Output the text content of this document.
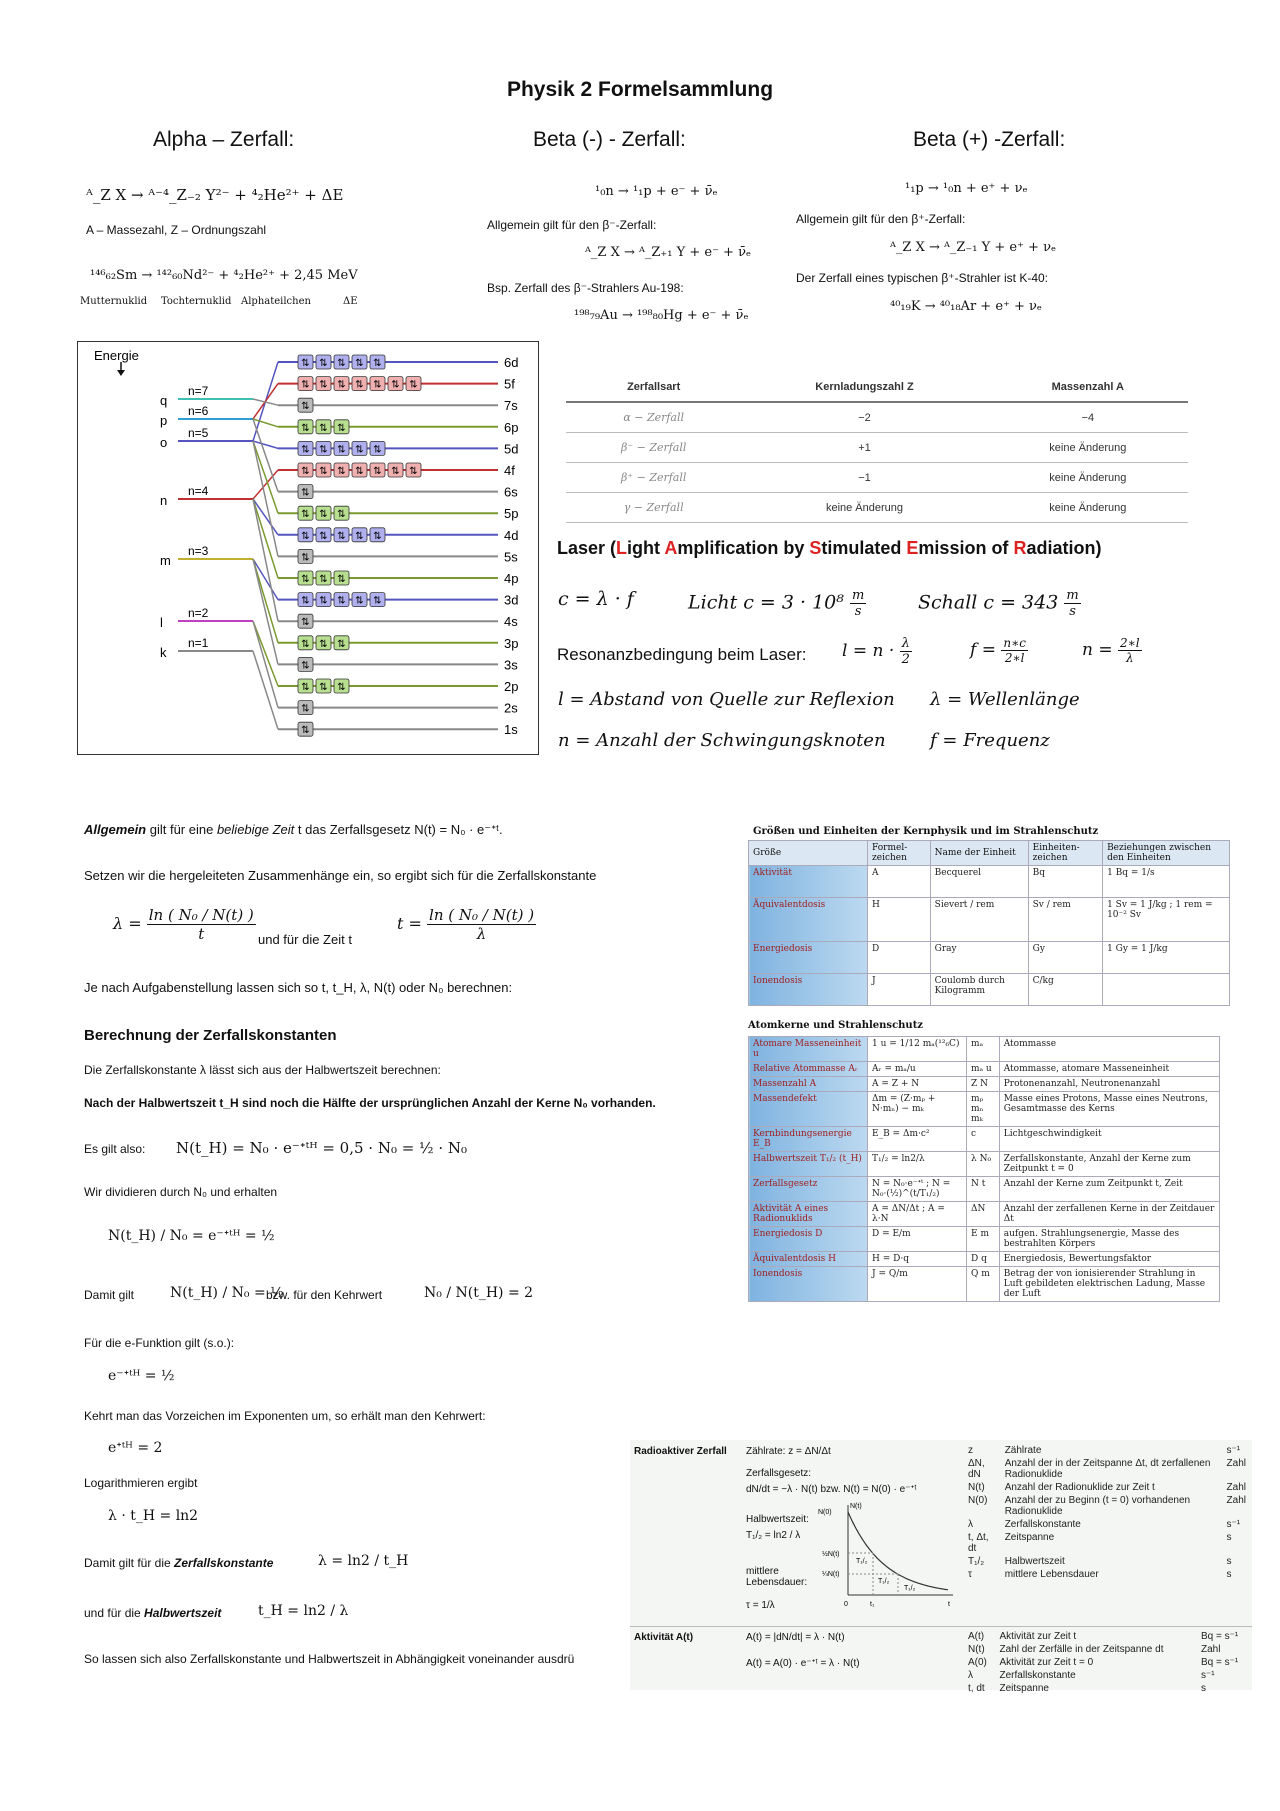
Physik 2 Formelsammlung
Alpha – Zerfall:
ᴬ_Z X → ᴬ⁻⁴_Z₋₂ Y²⁻ + ⁴₂He²⁺ + ΔE
A – Massezahl, Z – Ordnungszahl
¹⁴⁶₆₂Sm → ¹⁴²₆₀Nd²⁻ + ⁴₂He²⁺ + 2,45 MeV
Mutternuklid Tochternuklid Alphateilchen	ΔE
Beta (-) - Zerfall:
¹₀n → ¹₁p + e⁻ + ν̄ₑ
Allgemein gilt für den β⁻-Zerfall:
ᴬ_Z X → ᴬ_Z₊₁ Y + e⁻ + ν̄ₑ
Bsp. Zerfall des β⁻-Strahlers Au-198:
¹⁹⁸₇₉Au → ¹⁹⁸₈₀Hg + e⁻ + ν̄ₑ
Beta (+) -Zerfall:
¹₁p → ¹₀n + e⁺ + νₑ
Allgemein gilt für den β⁺-Zerfall:
ᴬ_Z X → ᴬ_Z₋₁ Y + e⁺ + νₑ
Der Zerfall eines typischen β⁺-Strahler ist K-40:
⁴⁰₁₉K → ⁴⁰₁₈Ar + e⁺ + νₑ
Energie
q
n=7
p
n=6
o
n=5
n
n=4
m
n=3
l
n=2
k
n=1
⇅ ⇅ ⇅ ⇅ ⇅	6d
⇅ ⇅ ⇅ ⇅ ⇅ ⇅ ⇅	5f
⇅	7s
⇅ ⇅ ⇅	6p
⇅ ⇅ ⇅ ⇅ ⇅	5d
⇅ ⇅ ⇅ ⇅ ⇅ ⇅ ⇅	4f
⇅	6s
⇅ ⇅ ⇅	5p
⇅ ⇅ ⇅ ⇅ ⇅	4d
⇅	5s
⇅ ⇅ ⇅	4p
⇅ ⇅ ⇅ ⇅ ⇅	3d
⇅	4s
⇅ ⇅ ⇅	3p
⇅	3s
⇅ ⇅ ⇅	2p
⇅	2s
⇅	1s
Zerfallsart	Kernladungszahl Z	Massenzahl A
α − Zerfall	−2	−4
β⁻ − Zerfall	+1	keine Änderung
β⁺ − Zerfall	−1	keine Änderung
γ − Zerfall	keine Änderung	keine Änderung
Laser (Light Amplification by Stimulated Emission of Radiation)
c = λ · f	Licht $c = 3 \cdot 10^8 \frac{m}{s}$	Schall $c = 343 \frac{m}{s}$
Resonanzbedingung beim Laser: $l = n \cdot \frac{\lambda}{2}$	$f = \frac{n∗c}{2∗l}$	$n = \frac{2∗l}{\lambda}$
l = Abstand von Quelle zur Reflexion λ = Wellenlänge
n = Anzahl der Schwingungsknoten f = Frequenz
Allgemein gilt für eine beliebige Zeit t das Zerfallsgesetz N(t) = N₀ · e⁻ᐩᵗ.
Setzen wir die hergeleiteten Zusammenhänge ein, so ergibt sich für die Zerfallskonstante
$\lambda = \frac{\text{ln ( N₀ / N(t) )}}{t}$ und für die Zeit t
$t = \frac{\text{ln ( N₀ / N(t) )}}{\lambda}$
Je nach Aufgabenstellung lassen sich so t, t_H, λ, N(t) oder N₀ berechnen:
Berechnung der Zerfallskonstanten
Die Zerfallskonstante λ lässt sich aus der Halbwertszeit berechnen:
Nach der Halbwertszeit t_H sind noch die Hälfte der ursprünglichen Anzahl der Kerne N₀ vorhanden.
Es gilt also: N(t_H) = N₀ · e⁻ᐩᵗᴴ = 0,5 · N₀ = ½ · N₀
Wir dividieren durch N₀ und erhalten
N(t_H) / N₀ = e⁻ᐩᵗᴴ = ½
Damit gilt	N(t_H) / N₀ = ½
bzw. für den Kehrwert	N₀ / N(t_H) = 2
Für die e-Funktion gilt (s.o.):
e⁻ᐩᵗᴴ = ½
Kehrt man das Vorzeichen im Exponenten um, so erhält man den Kehrwert:
eᐩᵗᴴ = 2
Logarithmieren ergibt
λ · t_H = ln2
Damit gilt für die Zerfallskonstante	λ = ln2 / t_H
und für die Halbwertszeit	t_H = ln2 / λ
So lassen sich also Zerfallskonstante und Halbwertszeit in Abhängigkeit voneinander ausdrü
Größen und Einheiten der Kernphysik und im Strahlenschutz
Größe	Formel-zeichen	Name der Einheit	Einheiten-zeichen	Beziehungen zwischen den Einheiten
Aktivität	A	Becquerel	Bq	1 Bq = 1/s
Äquivalentdosis	H	Sievert / rem	Sv / rem	1 Sv = 1 J/kg ; 1 rem = 10⁻² Sv
Energiedosis	D	Gray	Gy	1 Gy = 1 J/kg
Ionendosis	J	Coulomb durch Kilogramm	C/kg	
Atomkerne und Strahlenschutz
Atomare Masseneinheit u	1 u = 1/12 mₐ(¹²₆C)	mₐ	Atommasse
Relative Atommasse Aᵣ	Aᵣ = mₐ/u	mₐ u	Atommasse, atomare Masseneinheit
Massenzahl A	A = Z + N	Z N	Protonenanzahl, Neutronenanzahl
Massendefekt	Δm = (Z·mₚ + N·mₙ) − mₖ	mₚ mₙ mₖ	Masse eines Protons, Masse eines Neutrons, Gesamtmasse des Kerns
Kernbindungsenergie E_B	E_B = Δm·c²	c	Lichtgeschwindigkeit
Halbwertszeit T₁/₂ (t_H)	T₁/₂ = ln2/λ	λ N₀	Zerfallskonstante, Anzahl der Kerne zum Zeitpunkt t = 0
Zerfallsgesetz	N = N₀·e⁻ᐩᵗ ; N = N₀·(½)^(t/T₁/₂)	N t	Anzahl der Kerne zum Zeitpunkt t, Zeit
Aktivität A eines Radionuklids	A = ΔN/Δt ; A = λ·N	ΔN	Anzahl der zerfallenen Kerne in der Zeitdauer Δt
Energiedosis D	D = E/m	E m	aufgen. Strahlungsenergie, Masse des bestrahlten Körpers
Äquivalentdosis H	H = D·q	D q	Energiedosis, Bewertungsfaktor
Ionendosis	J = Q/m	Q m	Betrag der von ionisierender Strahlung in Luft gebildeten elektrischen Ladung, Masse der Luft
Radioaktiver Zerfall Zählrate: z = ΔN/Δt
Zerfallsgesetz:
dN/dt = −λ · N(t) bzw. N(t) = N(0) · e⁻ᐩᵗ
Halbwertszeit:
T₁/₂ = ln2 / λ
mittlere Lebensdauer:
τ = 1/λ
N(t)
N(0)
½N(t)
¼N(t)
T₁/₂
T₁/₂
T₁/₂
0	t₁	t
z	Zählrate	s⁻¹
ΔN, dN	Anzahl der in der Zeitspanne Δt, dt zerfallenen Radionuklide	Zahl
N(t)	Anzahl der Radionuklide zur Zeit t	Zahl
N(0)	Anzahl der zu Beginn (t = 0) vorhandenen Radionuklide	Zahl
λ	Zerfallskonstante	s⁻¹
t, Δt, dt	Zeitspanne	s
T₁/₂	Halbwertszeit	s
τ	mittlere Lebensdauer	s
Aktivität A(t)	A(t) = |dN/dt| = λ · N(t)
A(t) = A(0) · e⁻ᐩᵗ = λ · N(t)
A(t)	Aktivität zur Zeit t	Bq = s⁻¹
N(t)	Zahl der Zerfälle in der Zeitspanne dt	Zahl
A(0)	Aktivität zur Zeit t = 0	Bq = s⁻¹
λ	Zerfallskonstante	s⁻¹
t, dt	Zeitspanne	s
